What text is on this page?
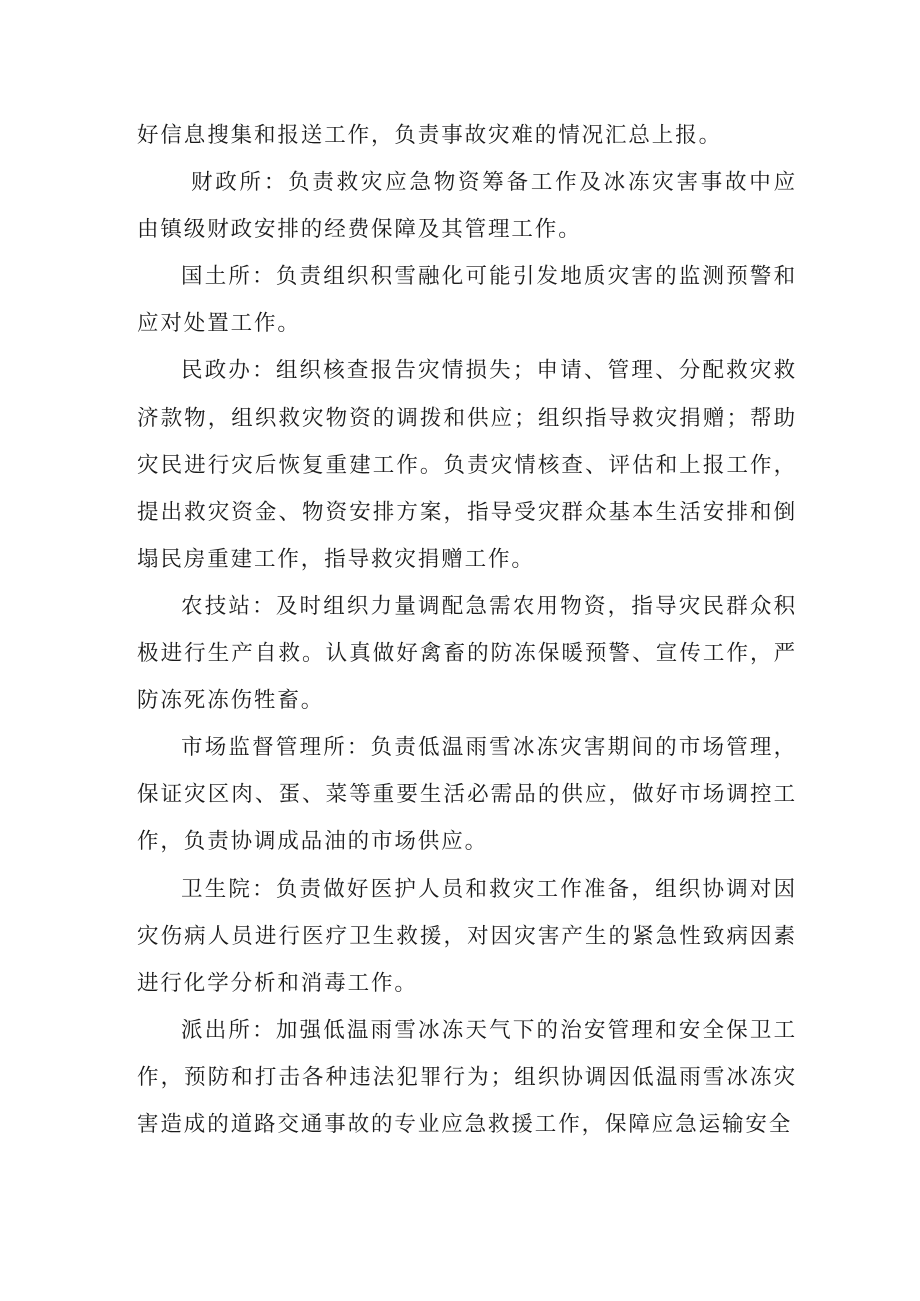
好信息搜集和报送工作，负责事故灾难的情况汇总上报。

财政所：负责救灾应急物资筹备工作及冰冻灾害事故中应由镇级财政安排的经费保障及其管理工作。

国土所：负责组织积雪融化可能引发地质灾害的监测预警和应对处置工作。

民政办：组织核查报告灾情损失；申请、管理、分配救灾救济款物，组织救灾物资的调拨和供应；组织指导救灾捐赠；帮助灾民进行灾后恢复重建工作。负责灾情核查、评估和上报工作，提出救灾资金、物资安排方案，指导受灾群众基本生活安排和倒塌民房重建工作，指导救灾捐赠工作。

农技站：及时组织力量调配急需农用物资，指导灾民群众积极进行生产自救。认真做好禽畜的防冻保暖预警、宣传工作，严防冻死冻伤牲畜。

市场监督管理所：负责低温雨雪冰冻灾害期间的市场管理，保证灾区肉、蛋、菜等重要生活必需品的供应，做好市场调控工作，负责协调成品油的市场供应。

卫生院：负责做好医护人员和救灾工作准备，组织协调对因灾伤病人员进行医疗卫生救援，对因灾害产生的紧急性致病因素进行化学分析和消毒工作。

派出所：加强低温雨雪冰冻天气下的治安管理和安全保卫工作，预防和打击各种违法犯罪行为；组织协调因低温雨雪冰冻灾害造成的道路交通事故的专业应急救援工作，保障应急运输安全
